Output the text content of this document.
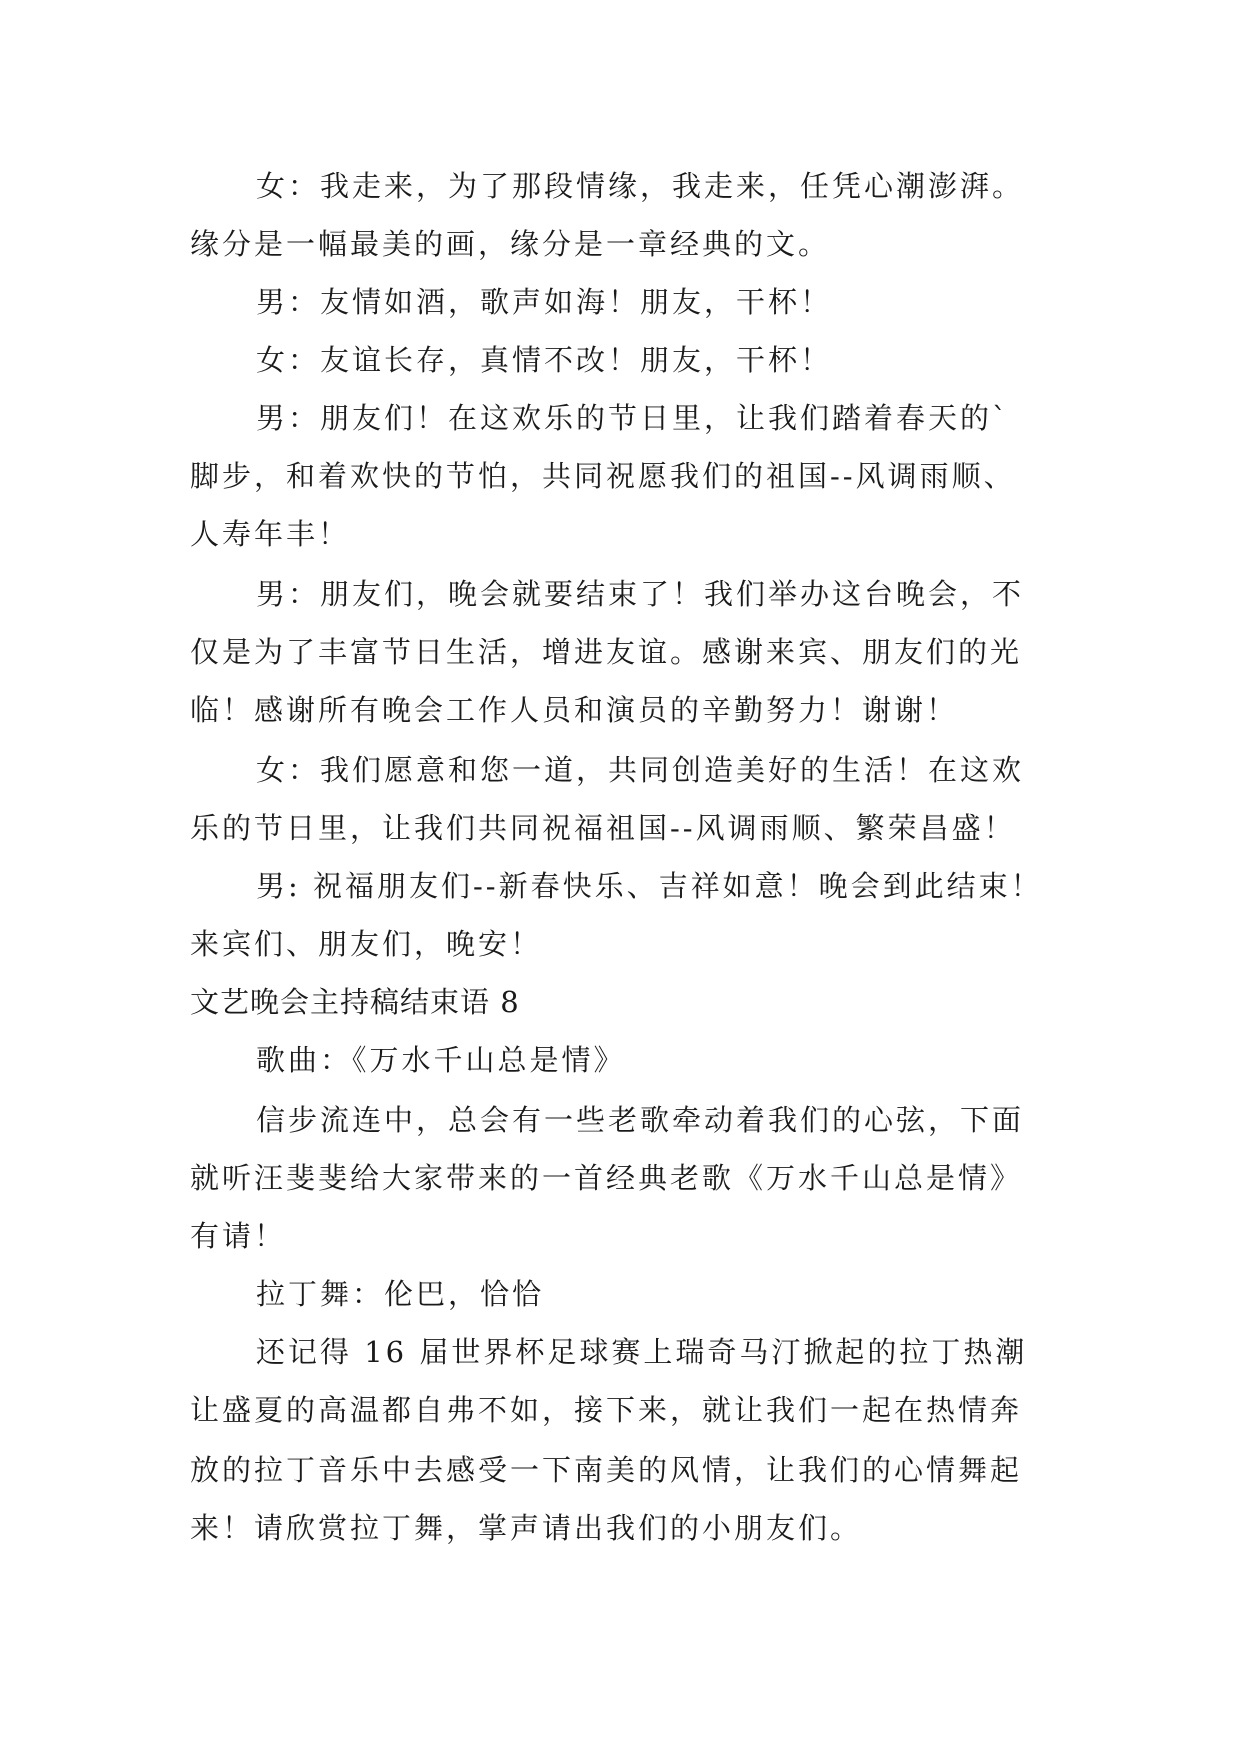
女：我走来，为了那段情缘，我走来，任凭心潮澎湃。
缘分是一幅最美的画，缘分是一章经典的文。
男：友情如酒，歌声如海！朋友，干杯！
女：友谊长存，真情不改！朋友，干杯！
男：朋友们！在这欢乐的节日里，让我们踏着春天的`
脚步，和着欢快的节怕，共同祝愿我们的祖国--风调雨顺、
人寿年丰！
男：朋友们，晚会就要结束了！我们举办这台晚会，不
仅是为了丰富节日生活，增进友谊。感谢来宾、朋友们的光
临！感谢所有晚会工作人员和演员的辛勤努力！谢谢！
女：我们愿意和您一道，共同创造美好的生活！在这欢
乐的节日里，让我们共同祝福祖国--风调雨顺、繁荣昌盛！
男: 祝福朋友们--新春快乐、吉祥如意！晚会到此结束！
来宾们、朋友们，晚安！
文艺晚会主持稿结束语 8
歌曲：《万水千山总是情》
信步流连中，总会有一些老歌牵动着我们的心弦，下面
就听汪斐斐给大家带来的一首经典老歌《万水千山总是情》
有请！
拉丁舞：伦巴，恰恰
还记得 16 届世界杯足球赛上瑞奇马汀掀起的拉丁热潮
让盛夏的高温都自弗不如，接下来，就让我们一起在热情奔
放的拉丁音乐中去感受一下南美的风情，让我们的心情舞起
来！请欣赏拉丁舞，掌声请出我们的小朋友们。
